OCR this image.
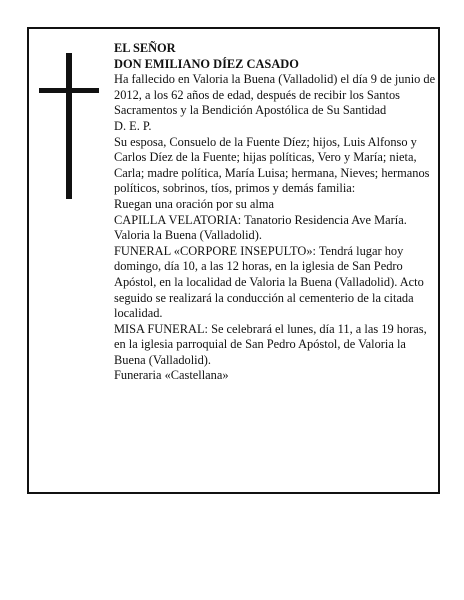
EL SEÑOR

DON EMILIANO DÍEZ CASADO

Ha fallecido en Valoria la Buena (Valladolid) el día 9 de junio de 2012, a los 62 años de edad, después de recibir los Santos Sacramentos y la Bendición Apostólica de Su Santidad

D. E. P.

Su esposa, Consuelo de la Fuente Díez; hijos, Luis Alfonso y Carlos Díez de la Fuente; hijas políticas, Vero y María; nieta, Carla; madre política, María Luisa; hermana, Nieves; hermanos políticos, sobrinos, tíos, primos y demás familia:

Ruegan una oración por su alma

CAPILLA VELATORIA: Tanatorio Residencia Ave María. Valoria la Buena (Valladolid).

FUNERAL «CORPORE INSEPULTO»: Tendrá lugar hoy domingo, día 10, a las 12 horas, en la iglesia de San Pedro Apóstol, en la localidad de Valoria la Buena (Valladolid). Acto seguido se realizará la conducción al cementerio de la citada localidad.

MISA FUNERAL: Se celebrará el lunes, día 11, a las 19 horas, en la iglesia parroquial de San Pedro Apóstol, de Valoria la Buena (Valladolid).

Funeraria «Castellana»
